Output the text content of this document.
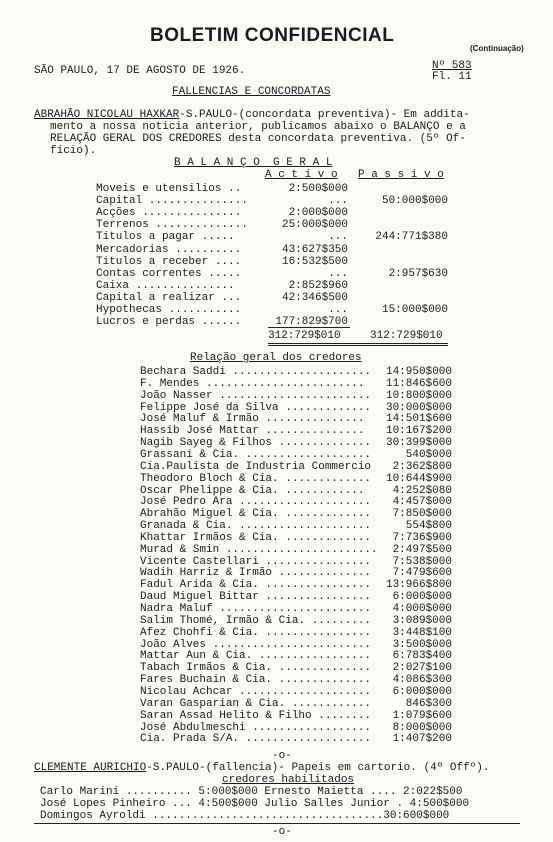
BOLETIM CONFIDENCIAL
(Continuação)
SÃO PAULO, 17 DE AGOSTO DE 1926.	Nº 583
Fl. 11
FALLENCIAS E CONCORDATAS
ABRAHÃO NICOLAU HAXKAR-S.PAULO-(concordata preventiva)- Em additа-
mento a nossa noticia anterior, publicamos abaixo o BALANÇO e a
RELAÇÃO GERAL DOS CREDORES desta concordata preventiva. (5º Of-
ficio).
B A L A N Ç O  G E R A L
A c t i v o P a s s i v o
Moveis e utensilios ..	2:500$000
Capital ...............	...	50:000$000
Acções ...............	2:000$000
Terrenos ..............	25:000$000
Titulos a pagar .....	...	244:771$380
Mercadorias ..........	43:627$350
Titulos a receber ....	16:532$500
Contas correntes .....	...	2:957$630
Caixa ...............	2:852$960
Capital a realizar ...	42:346$500
Hypothecas ...........	...	15:000$000
Lucros e perdas ......	177:829$700
312:729$010	312:729$010
Relação geral dos credores
Bechara Saddi .....................	14:950$000
F. Mendes ........................	11:846$600
João Nasser .......................	10:800$000
Felippe José da Silva .............	30:000$000
José Maluf & Irmão ...............	14:501$600
Hassib José Mattar ...............	10:167$200
Nagib Sayeg & Filhos ..............	30:399$000
Grassani & Cia. ...................	540$000
Cia.Paulista de Industria Commercio	2:362$800
Theodoro Bloch & Cia. .............	10:644$900
Oscar Phelippe & Cia. ............	4:252$080
José Pedro Ara ....................	4:457$000
Abrahão Miguel & Cia. .............	7:850$000
Granada & Cia. ....................	554$800
Khattar Irmãos & Cia. .............	7:736$900
Murad & Smin .......................	2:497$500
Vicente Castellari ................	7:538$000
Wadih Harriz & Irmão ..............	7:479$600
Fadul Arida & Cia. ................	13:966$800
Daud Miguel Bittar ................	6:000$000
Nadra Maluf .......................	4:000$000
Salim Thomé, Irmão & Cia. .........	3:089$000
Afez Chohfi & Cia. ................	3:448$100
João Alves ........................	3:500$000
Mattar Aun & Cia. .................	6:783$400
Tabach Irmãos & Cia. ..............	2:027$100
Fares Buchain & Cia. ..............	4:086$300
Nicolau Achcar ....................	6:000$000
Varan Gasparian & Cia. ............	846$300
Saran Assad Helito & Filho ........	1:079$600
José Abdulmeschi ..................	8:000$000
Cia. Prada S/A. ...................	1:407$200
-o-
CLEMENTE AURICHIO-S.PAULO-(fallencia)- Papeis em cartorio. (4º Offº).
credores habilitados
Carlo Marini .......... 5:000$000 Ernesto Maietta .... 2:022$500
José Lopes Pinheiro ... 4:500$000 Julio Salles Junior . 4:500$000
Domingos Ayroldi ...................................30:600$000
-o-
